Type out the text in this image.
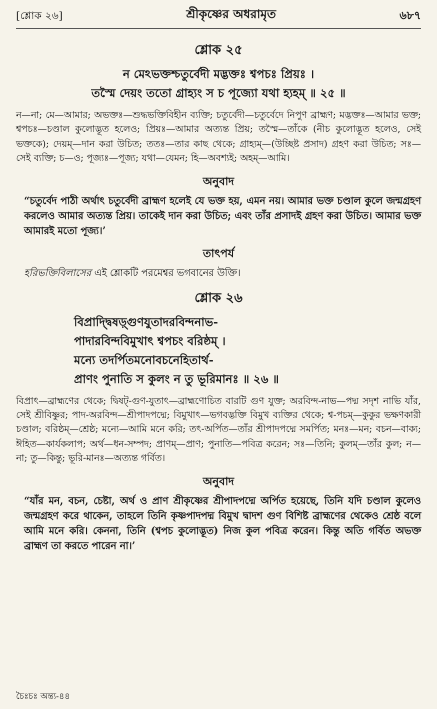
[শ্লোক ২৬]	শ্রীকৃষ্ণের অধরামৃত	৬৮৭
শ্লোক ২৫
ন মেঽভক্তশ্চতুর্বেদী মদ্ভক্তঃ শ্বপচঃ প্রিয়ঃ ।
তস্মৈ দেয়ং ততো গ্রাহ্যং স চ পূজ্যো যথা হ্যহম্ ॥ ২৫ ॥
ন—না; মে—আমার; অভক্তঃ—শুদ্ধভক্তিবিহীন ব্যক্তি; চতুর্বেদী—চতুর্বেদে নিপুণ ব্রাহ্মণ; মদ্ভক্তঃ—আমার ভক্ত; শ্বপচঃ—চণ্ডাল কুলোদ্ভূত হলেও; প্রিয়ঃ—আমার অত্যন্ত প্রিয়; তস্মৈ—তাঁকে (নীচ কুলোদ্ভূত হলেও, সেই ভক্তকে); দেয়ম্—দান করা উচিত; ততঃ—তার কাছ থেকে; গ্রাহ্যম্—(উচ্ছিষ্ট প্রসাদ) গ্রহণ করা উচিত; সঃ—সেই ব্যক্তি; চ—ও; পূজ্যঃ—পূজ্য; যথা—যেমন; হি—অবশ্যই; অহম্—আমি।
অনুবাদ
“চতুর্বেদ পাঠী অর্থাৎ চতুর্বেদী ব্রাহ্মণ হলেই যে ভক্ত হয়, এমন নয়। আমার ভক্ত চণ্ডাল কুলে জন্মগ্রহণ করলেও আমার অত্যন্ত প্রিয়। তাকেই দান করা উচিত; এবং তাঁর প্রসাদই গ্রহণ করা উচিত। আমার ভক্ত আমারই মতো পূজ্য।’
তাৎপর্য
হরিভক্তিবিলাসের এই শ্লোকটি পরমেশ্বর ভগবানের উক্তি।
শ্লোক ২৬
বিপ্রাদ্দ্বিষড়্গুণযুতাদরবিন্দনাভ-
পাদারবিন্দবিমুখাৎ শ্বপচং বরিষ্ঠম্ ।
মন্যে তদর্পিতমনোবচনেহিতার্থ-
প্রাণং পুনাতি স কুলং ন তু ভূরিমানঃ ॥ ২৬ ॥
বিপ্রাৎ—ব্রাহ্মণের থেকে; দ্বিষট্‌-গুণ-যুতাৎ—ব্রাহ্মণোচিত বারটি গুণ যুক্ত; অরবিন্দ-নাভ—পদ্ম সদৃশ নাভি যাঁর, সেই শ্রীবিষ্ণুর; পাদ-অরবিন্দ—শ্রীপাদপদ্মে; বিমুখাৎ—ভগবদ্ভক্তি বিমুখ ব্যক্তির থেকে; শ্ব-পচম্—কুকুর ভক্ষণকারী চণ্ডাল; বরিষ্ঠম্—শ্রেষ্ঠ; মন্যে—আমি মনে করি; তৎ-অর্পিত—তাঁর শ্রীপাদপদ্মে সমর্পিত; মনঃ—মন; বচন—বাক্য; ঈহিত—কার্যকলাপ; অর্থ—ধন-সম্পদ; প্রাণম্—প্রাণ; পুনাতি—পবিত্র করেন; সঃ—তিনি; কুলম্—তাঁর কুল; ন—না; তু—কিন্তু; ভূরি-মানঃ—অত্যন্ত গর্বিত।
অনুবাদ
“যাঁর মন, বচন, চেষ্টা, অর্থ ও প্রাণ শ্রীকৃষ্ণের শ্রীপাদপদ্মে অর্পিত হয়েছে, তিনি যদি চণ্ডাল কুলেও জন্মগ্রহণ করে থাকেন, তাহলে তিনি কৃষ্ণপাদপদ্ম বিমুখ দ্বাদশ গুণ বিশিষ্ট ব্রাহ্মণের থেকেও শ্রেষ্ঠ বলে আমি মনে করি। কেননা, তিনি (শ্বপচ কুলোদ্ভূত) নিজ কুল পবিত্র করেন। কিন্তু অতি গর্বিত অভক্ত ব্রাহ্মণ তা করতে পারেন না।’
চৈঃচঃ অন্ত্য-৪৪
